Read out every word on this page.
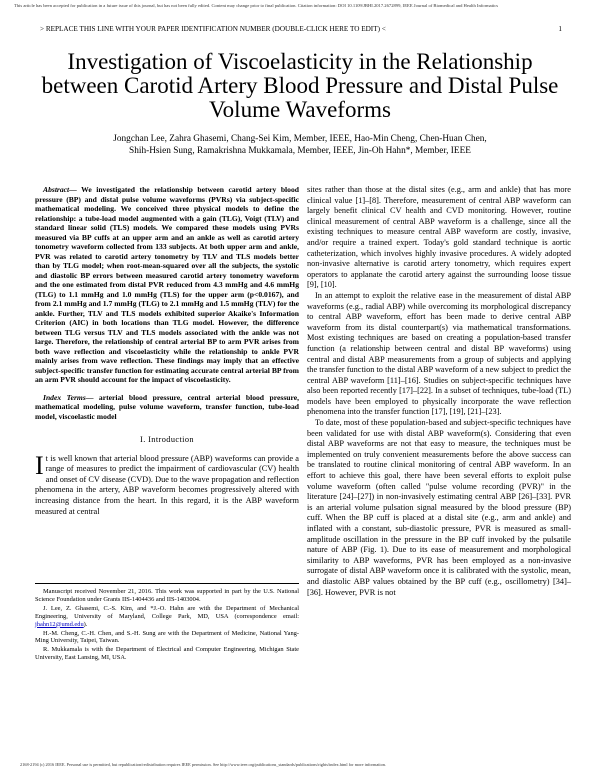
This article has been accepted for publication in a future issue of this journal, but has not been fully edited. Content may change prior to final publication. Citation information: DOI 10.1109/JBHI.2017.2672899, IEEE Journal of Biomedical and Health Informatics
> REPLACE THIS LINE WITH YOUR PAPER IDENTIFICATION NUMBER (DOUBLE-CLICK HERE TO EDIT) <	1
Investigation of Viscoelasticity in the Relationship between Carotid Artery Blood Pressure and Distal Pulse Volume Waveforms
Jongchan Lee, Zahra Ghasemi, Chang-Sei Kim, Member, IEEE, Hao-Min Cheng, Chen-Huan Chen,
Shih-Hsien Sung, Ramakrishna Mukkamala, Member, IEEE, Jin-Oh Hahn*, Member, IEEE
Abstract— We investigated the relationship between carotid artery blood pressure (BP) and distal pulse volume waveforms (PVRs) via subject-specific mathematical modeling. We conceived three physical models to define the relationship: a tube-load model augmented with a gain (TLG), Voigt (TLV) and standard linear solid (TLS) models. We compared these models using PVRs measured via BP cuffs at an upper arm and an ankle as well as carotid artery tonometry waveform collected from 133 subjects. At both upper arm and ankle, PVR was related to carotid artery tonometry by TLV and TLS models better than by TLG model; when root-mean-squared over all the subjects, the systolic and diastolic BP errors between measured carotid artery tonometry waveform and the one estimated from distal PVR reduced from 4.3 mmHg and 4.6 mmHg (TLG) to 1.1 mmHg and 1.0 mmHg (TLS) for the upper arm (p<0.0167), and from 2.1 mmHg and 1.7 mmHg (TLG) to 2.1 mmHg and 1.5 mmHg (TLV) for the ankle. Further, TLV and TLS models exhibited superior Akaike's Information Criterion (AIC) in both locations than TLG model. However, the difference between TLG versus TLV and TLS models associated with the ankle was not large. Therefore, the relationship of central arterial BP to arm PVR arises from both wave reflection and viscoelasticity while the relationship to ankle PVR mainly arises from wave reflection. These findings may imply that an effective subject-specific transfer function for estimating accurate central arterial BP from an arm PVR should account for the impact of viscoelasticity.
Index Terms— arterial blood pressure, central arterial blood pressure, mathematical modeling, pulse volume waveform, transfer function, tube-load model, viscoelastic model
I. Introduction

It is well known that arterial blood pressure (ABP) waveforms can provide a range of measures to predict the impairment of cardiovascular (CV) health and onset of CV disease (CVD). Due to the wave propagation and reflection phenomena in the artery, ABP waveform becomes progressively altered with increasing distance from the heart. In this regard, it is the ABP waveform measured at central

Manuscript received November 21, 2016. This work was supported in part by the U.S. National Science Foundation under Grants IIS-1404436 and IIS-1403004.

J. Lee, Z. Ghasemi, C.-S. Kim, and *J.-O. Hahn are with the Department of Mechanical Engineering, University of Maryland, College Park, MD, USA (correspondence email: jhahn12@umd.edu).

H.-M. Cheng, C.-H. Chen, and S.-H. Sung are with the Department of Medicine, National Yang-Ming University, Taipei, Taiwan.

R. Mukkamala is with the Department of Electrical and Computer Engineering, Michigan State University, East Lansing, MI, USA.

sites rather than those at the distal sites (e.g., arm and ankle) that has more clinical value [1]–[8]. Therefore, measurement of central ABP waveform can largely benefit clinical CV health and CVD monitoring. However, routine clinical measurement of central ABP waveform is a challenge, since all the existing techniques to measure central ABP waveform are costly, invasive, and/or require a trained expert. Today's gold standard technique is aortic catheterization, which involves highly invasive procedures. A widely adopted non-invasive alternative is carotid artery tonometry, which requires expert operators to applanate the carotid artery against the surrounding loose tissue [9], [10].

In an attempt to exploit the relative ease in the measurement of distal ABP waveforms (e.g., radial ABP) while overcoming its morphological discrepancy to central ABP waveform, effort has been made to derive central ABP waveform from its distal counterpart(s) via mathematical transformations. Most existing techniques are based on creating a population-based transfer function (a relationship between central and distal BP waveforms) using central and distal ABP measurements from a group of subjects and applying the transfer function to the distal ABP waveform of a new subject to predict the central ABP waveform [11]–[16]. Studies on subject-specific techniques have also been reported recently [17]–[22]. In a subset of techniques, tube-load (TL) models have been employed to physically incorporate the wave reflection phenomena into the transfer function [17], [19], [21]–[23].

To date, most of these population-based and subject-specific techniques have been validated for use with distal ABP waveform(s). Considering that even distal ABP waveforms are not that easy to measure, the techniques must be implemented on truly convenient measurements before the above success can be translated to routine clinical monitoring of central ABP waveform. In an effort to achieve this goal, there have been several efforts to exploit pulse volume waveform (often called "pulse volume recording (PVR)" in the literature [24]–[27]) in non-invasively estimating central ABP [26]–[33]. PVR is an arterial volume pulsation signal measured by the blood pressure (BP) cuff. When the BP cuff is placed at a distal site (e.g., arm and ankle) and inflated with a constant, sub-diastolic pressure, PVR is measured as small-amplitude oscillation in the pressure in the BP cuff invoked by the pulsatile nature of ABP (Fig. 1). Due to its ease of measurement and morphological similarity to ABP waveforms, PVR has been employed as a non-invasive surrogate of distal ABP waveform once it is calibrated with the systolic, mean, and diastolic ABP values obtained by the BP cuff (e.g., oscillometry) [34]–[36]. However, PVR is not

2168-2194 (c) 2016 IEEE. Personal use is permitted, but republication/redistribution requires IEEE permission. See http://www.ieee.org/publications_standards/publications/rights/index.html for more information.
